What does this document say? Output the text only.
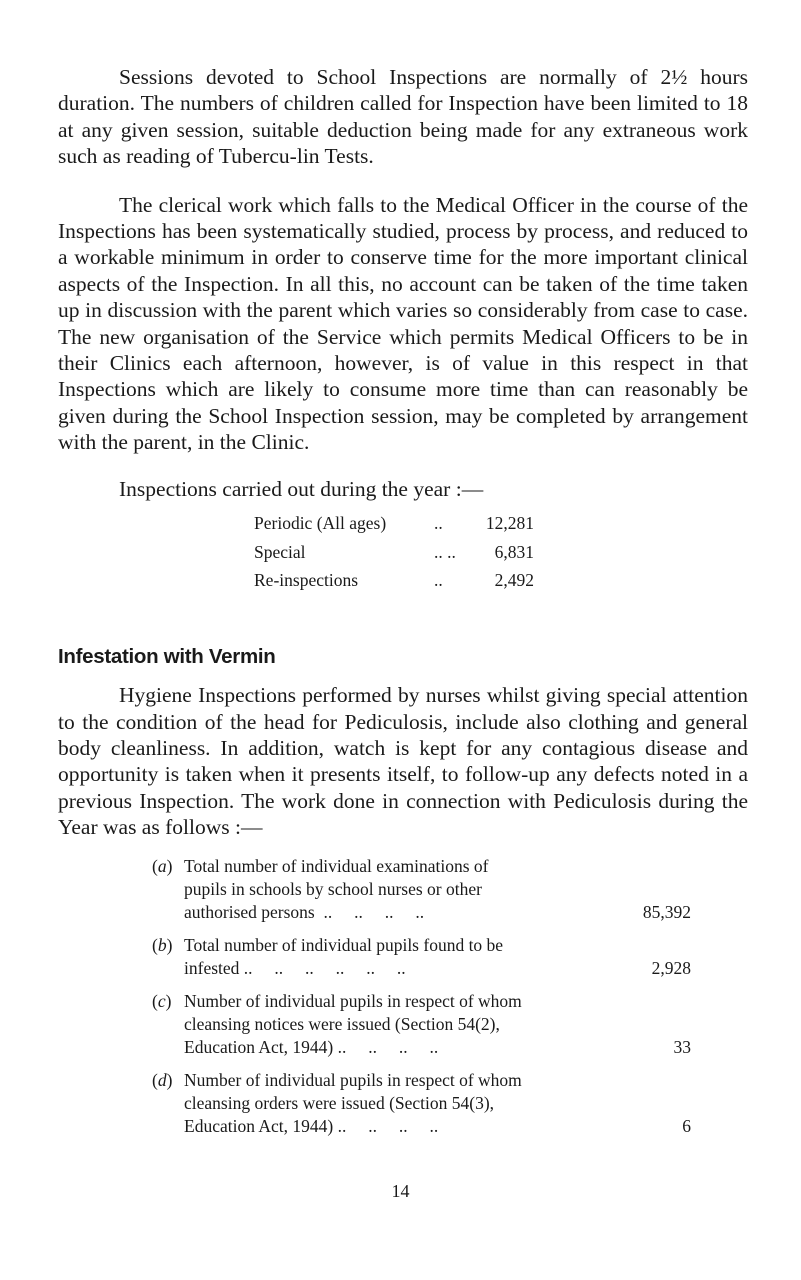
Sessions devoted to School Inspections are normally of 2½ hours duration. The numbers of children called for Inspection have been limited to 18 at any given session, suitable deduction being made for any extraneous work such as reading of Tubercu-lin Tests.

The clerical work which falls to the Medical Officer in the course of the Inspections has been systematically studied, process by process, and reduced to a workable minimum in order to conserve time for the more important clinical aspects of the Inspection. In all this, no account can be taken of the time taken up in discussion with the parent which varies so considerably from case to case. The new organisation of the Service which permits Medical Officers to be in their Clinics each afternoon, however, is of value in this respect in that Inspections which are likely to consume more time than can reasonably be given during the School Inspection session, may be completed by arrangement with the parent, in the Clinic.

Inspections carried out during the year :—
Periodic (All ages)	..	12,281
Special	.. ..	6,831
Re-inspections	..	2,492
Infestation with Vermin

Hygiene Inspections performed by nurses whilst giving special attention to the condition of the head for Pediculosis, include also clothing and general body cleanliness. In addition, watch is kept for any contagious disease and opportunity is taken when it presents itself, to follow-up any defects noted in a previous Inspection. The work done in connection with Pediculosis during the Year was as follows :—

(a) Total number of individual examinations of
pupils in schools by school nurses or other
authorised persons ..     ..     ..     ..	85,392
(b) Total number of individual pupils found to be
infested ..     ..     ..     ..     ..     ..	2,928
(c) Number of individual pupils in respect of whom
cleansing notices were issued (Section 54(2),
Education Act, 1944) ..     ..     ..     ..	33
(d) Number of individual pupils in respect of whom
cleansing orders were issued (Section 54(3),
Education Act, 1944) ..     ..     ..     ..	6
14
